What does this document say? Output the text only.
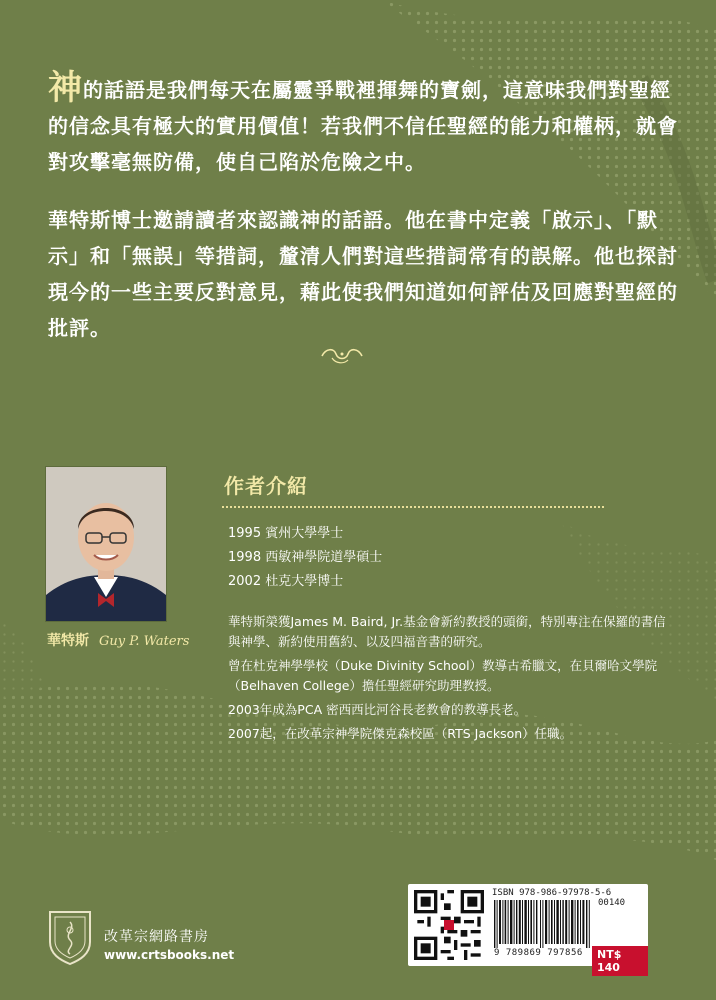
神的話語是我們每天在屬靈爭戰裡揮舞的寶劍，這意味我們對聖經的信念具有極大的實用價值！若我們不信任聖經的能力和權柄，就會對攻擊毫無防備，使自己陷於危險之中。

華特斯博士邀請讀者來認識神的話語。他在書中定義「啟示」、「默示」和「無誤」等措詞，釐清人們對這些措詞常有的誤解。他也探討現今的一些主要反對意見，藉此使我們知道如何評估及回應對聖經的批評。

華特斯 Guy P. Waters
作者介紹
1995 賓州大學學士
1998 西敏神學院道學碩士
2002 杜克大學博士

華特斯榮獲James M. Baird, Jr.基金會新約教授的頭銜，特別專注在保羅的書信與神學、新約使用舊約、以及四福音書的研究。

曾在杜克神學學校（Duke Divinity School）教導古希臘文，在貝爾哈文學院（Belhaven College）擔任聖經研究助理教授。

2003年成為PCA 密西西比河谷長老教會的教導長老。

2007起，在改革宗神學院傑克森校區（RTS Jackson）任職。

改革宗網路書房
www.crtsbooks.net
ISBN 978-986-97978-5-6
00140
9 789869 797856	NT$ 140
